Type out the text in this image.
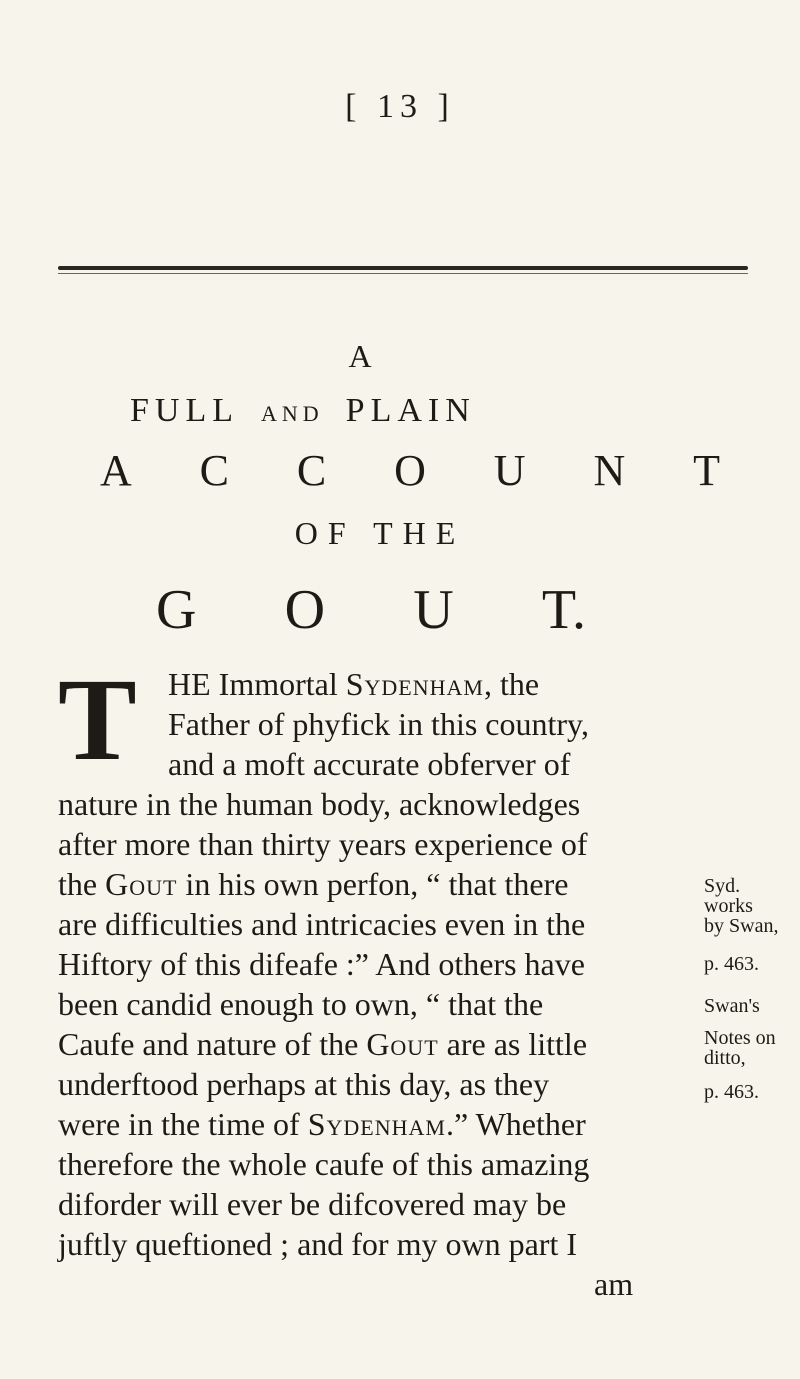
[ 13 ]
A
FULL AND PLAIN
A C C O U N T
OF THE
G O U T.
T HE Immortal Sydenham, the
Father of phyfick in this country,
and a moft accurate obferver of
nature in the human body, acknowledges
after more than thirty years experience of
the Gout in his own perfon, “ that there
are difficulties and intricacies even in the
Hiftory of this difeafe :” And others have
been candid enough to own, “ that the
Caufe and nature of the Gout are as little
underftood perhaps at this day, as they
were in the time of Sydenham.” Whether
therefore the whole caufe of this amazing
diforder will ever be difcovered may be
juftly queftioned ; and for my own part I
am
Syd.
works
by Swan,
p. 463.
Swan's
Notes on
ditto,
p. 463.
